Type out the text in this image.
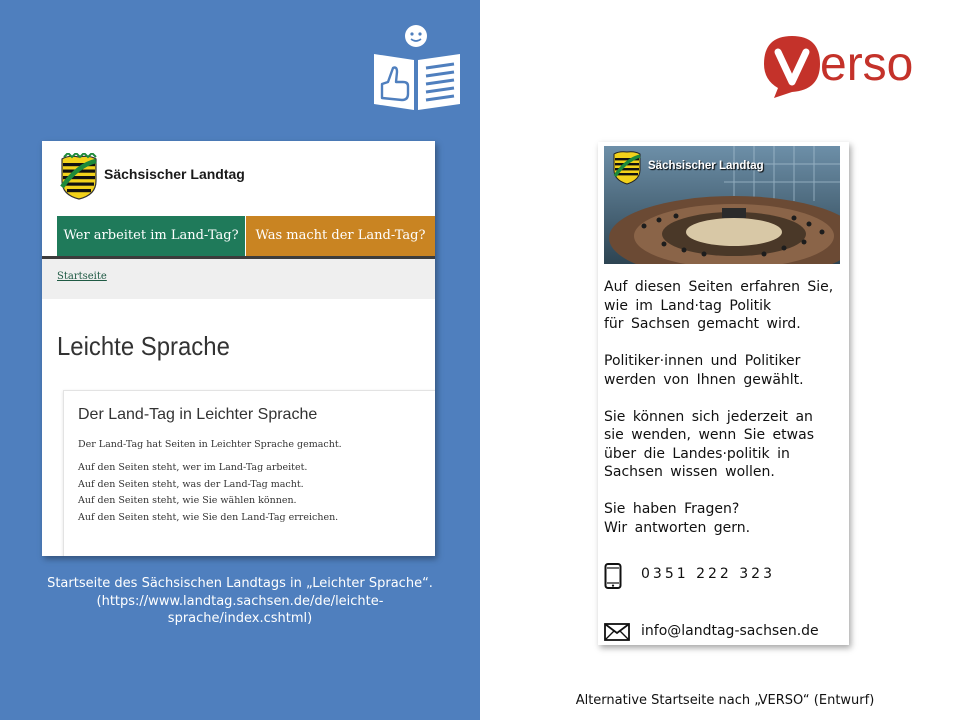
Sächsischer Landtag
Wer arbeitet im Land-Tag?	Was macht der Land-Tag?
Startseite
Leichte Sprache
Der Land-Tag in Leichter Sprache
Der Land-Tag hat Seiten in Leichter Sprache gemacht.
Auf den Seiten steht, wer im Land-Tag arbeitet.
Auf den Seiten steht, was der Land-Tag macht.
Auf den Seiten steht, wie Sie wählen können.
Auf den Seiten steht, wie Sie den Land-Tag erreichen.
Startseite des Sächsischen Landtags in „Leichter Sprache“.
(https://www.landtag.sachsen.de/de/leichte-
sprache/index.cshtml)
erso
Sächsischer Landtag

Auf diesen Seiten erfahren Sie,
wie im Land·tag Politik
für Sachsen gemacht wird.

Politiker·innen und Politiker
werden von Ihnen gewählt.

Sie können sich jederzeit an
sie wenden, wenn Sie etwas
über die Landes·politik in
Sachsen wissen wollen.

Sie haben Fragen?
Wir antworten gern.

0351 222 323
info@landtag-sachsen.de
Alternative Startseite nach „VERSO“ (Entwurf)
